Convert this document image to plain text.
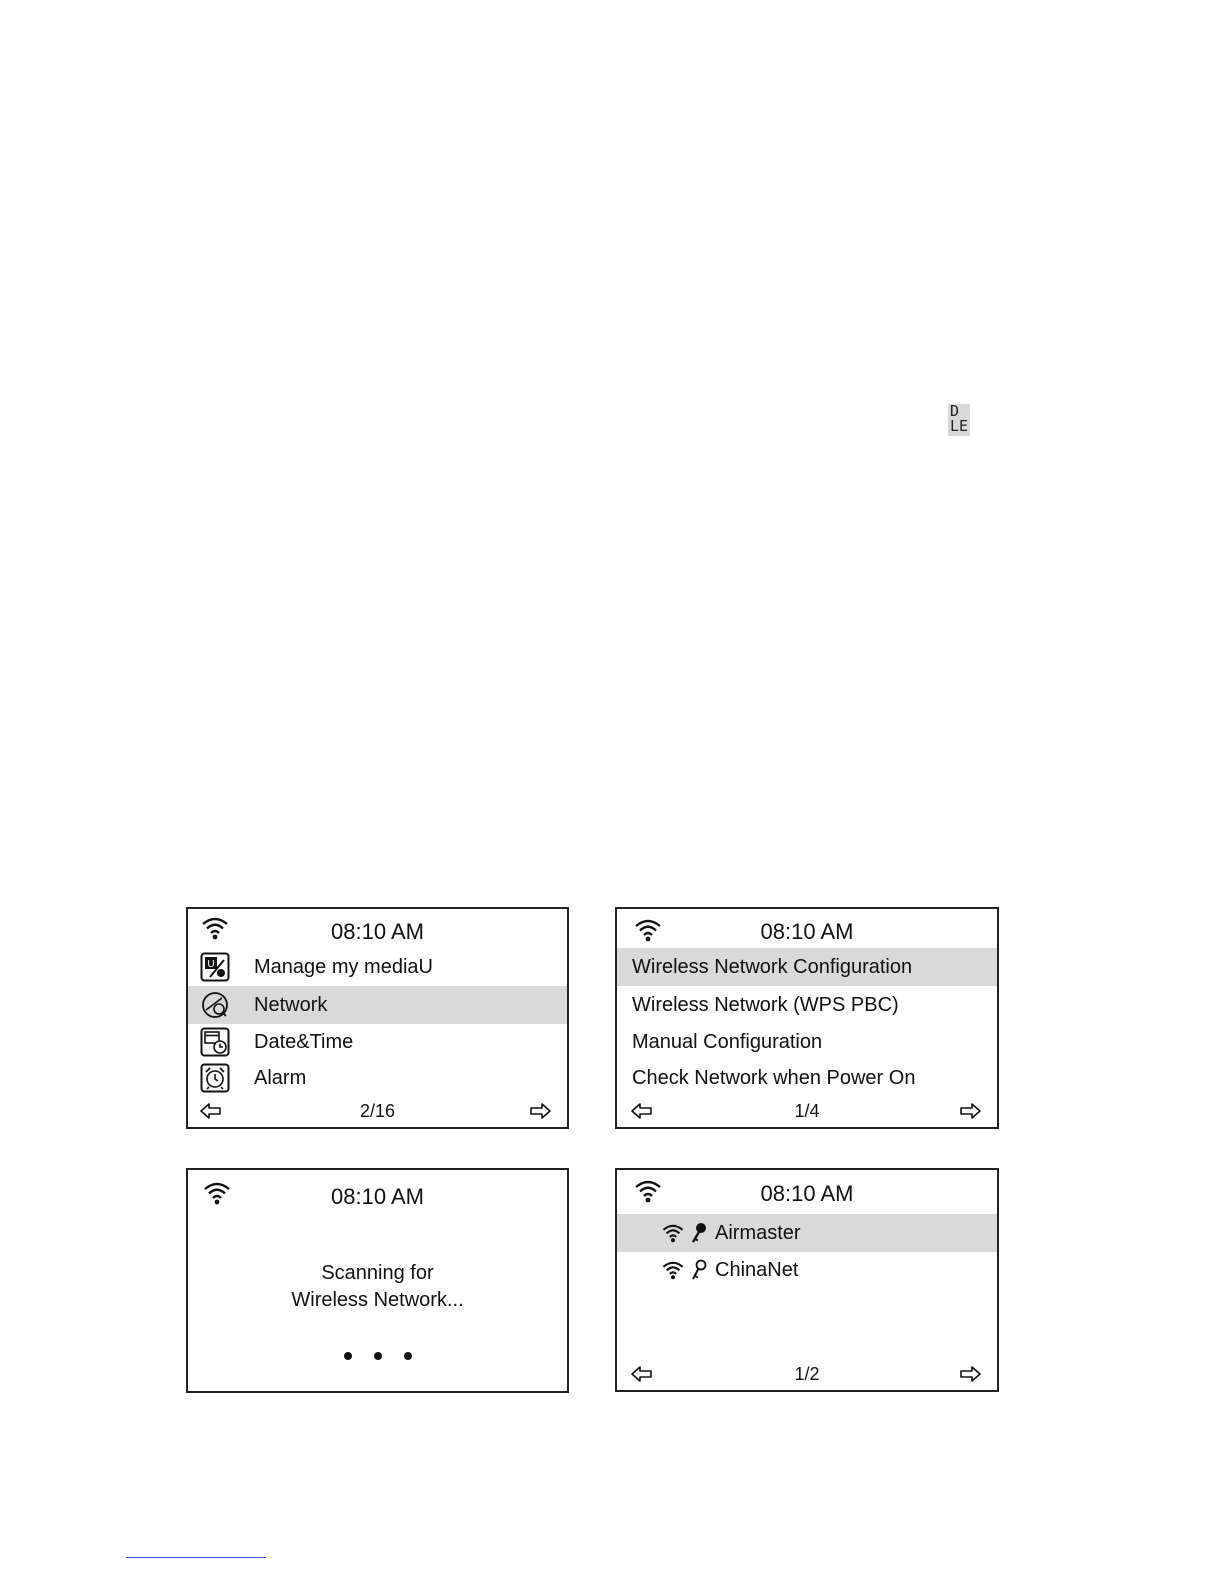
D
LE
08:10 AM
U Manage my mediaU
Network
Date&Time
Alarm
2/16
08:10 AM
Wireless Network Configuration
Wireless Network (WPS PBC)
Manual Configuration
Check Network when Power On
1/4
08:10 AM
Scanning for
Wireless Network...
08:10 AM
Airmaster
ChinaNet
1/2
